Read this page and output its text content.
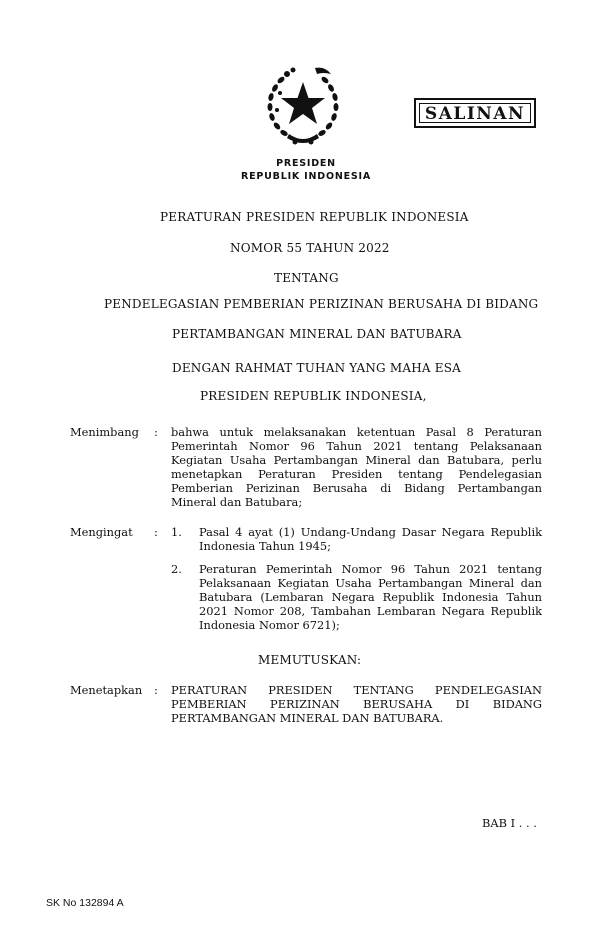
SALINAN
PRESIDEN
REPUBLIK INDONESIA
PERATURAN PRESIDEN REPUBLIK INDONESIA
NOMOR 55 TAHUN 2022
TENTANG
PENDELEGASIAN PEMBERIAN PERIZINAN BERUSAHA DI BIDANG
PERTAMBANGAN MINERAL DAN BATUBARA
DENGAN RAHMAT TUHAN YANG MAHA ESA
PRESIDEN REPUBLIK INDONESIA,
Menimbang	: bahwa untuk melaksanakan ketentuan Pasal 8 Peraturan Pemerintah Nomor 96 Tahun 2021 tentang Pelaksanaan Kegiatan Usaha Pertambangan Mineral dan Batubara, perlu menetapkan Peraturan Presiden tentang Pendelegasian Pemberian Perizinan Berusaha di Bidang Pertambangan Mineral dan Batubara;
Mengingat	: 1. Pasal 4 ayat (1) Undang-Undang Dasar Negara Republik Indonesia Tahun 1945;
2. Peraturan Pemerintah Nomor 96 Tahun 2021 tentang Pelaksanaan Kegiatan Usaha Pertambangan Mineral dan Batubara (Lembaran Negara Republik Indonesia Tahun 2021 Nomor 208, Tambahan Lembaran Negara Republik Indonesia Nomor 6721);
MEMUTUSKAN:
Menetapkan	: PERATURAN PRESIDEN TENTANG PENDELEGASIAN
PEMBERIAN PERIZINAN BERUSAHA DI BIDANG
PERTAMBANGAN MINERAL DAN BATUBARA.
BAB I . . .
SK No 132894 A
